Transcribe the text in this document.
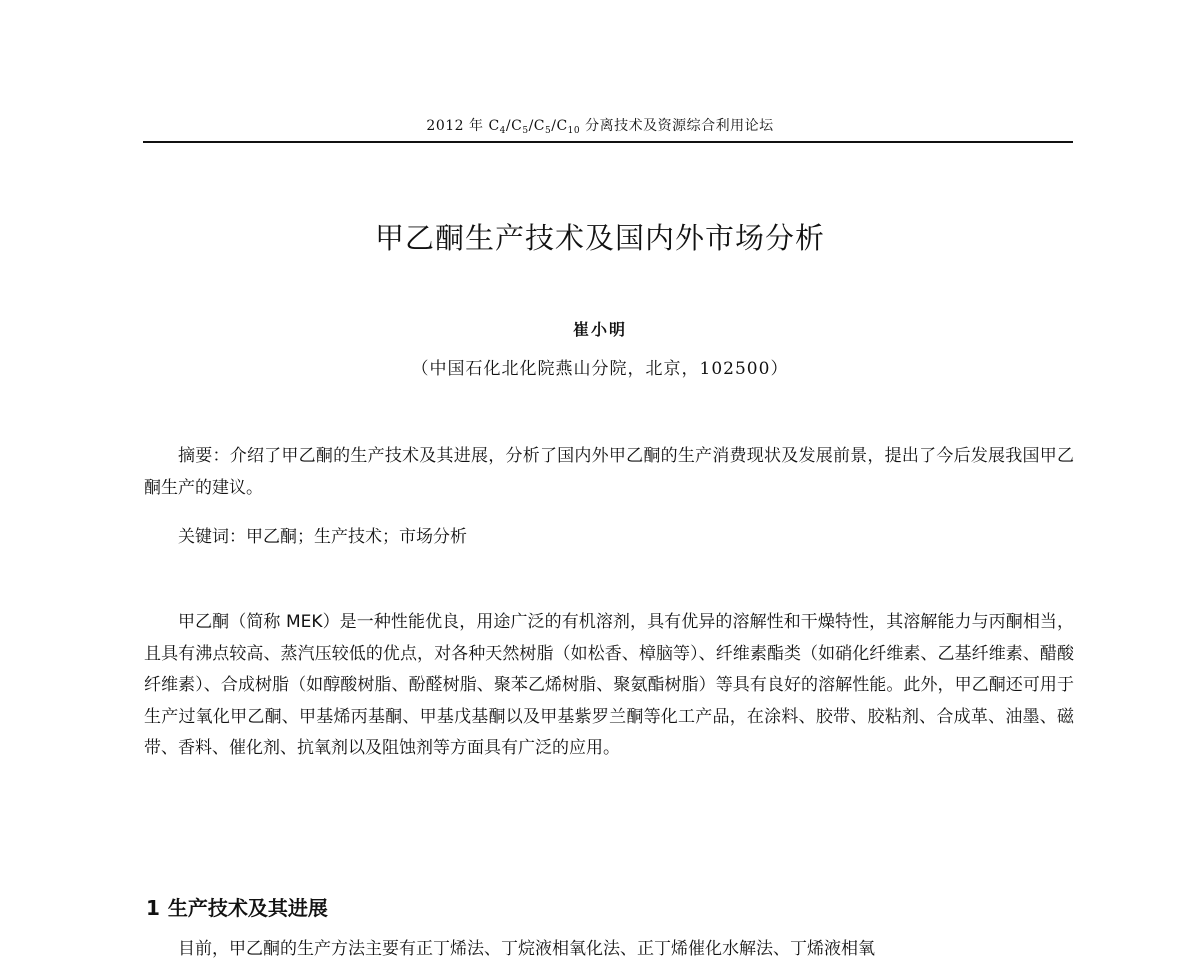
2012 年 $C_4/C_5/C_5/C_{10}$ 分离技术及资源综合利用论坛
甲乙酮生产技术及国内外市场分析
崔小明
（中国石化北化院燕山分院，北京，102500）

摘要：介绍了甲乙酮的生产技术及其进展，分析了国内外甲乙酮的生产消费现状及发展前景，提出了今后发展我国甲乙酮生产的建议。

关键词：甲乙酮；生产技术；市场分析

甲乙酮（简称 MEK）是一种性能优良，用途广泛的有机溶剂，具有优异的溶解性和干燥特性，其溶解能力与丙酮相当，且具有沸点较高、蒸汽压较低的优点，对各种天然树脂（如松香、樟脑等）、纤维素酯类（如硝化纤维素、乙基纤维素、醋酸纤维素）、合成树脂（如醇酸树脂、酚醛树脂、聚苯乙烯树脂、聚氨酯树脂）等具有良好的溶解性能。此外，甲乙酮还可用于生产过氧化甲乙酮、甲基烯丙基酮、甲基戊基酮以及甲基紫罗兰酮等化工产品，在涂料、胶带、胶粘剂、合成革、油墨、磁带、香料、催化剂、抗氧剂以及阻蚀剂等方面具有广泛的应用。

1 生产技术及其进展
目前，甲乙酮的生产方法主要有正丁烯法、丁烷液相氧化法、正丁烯催化水解法、丁烯液相氧
